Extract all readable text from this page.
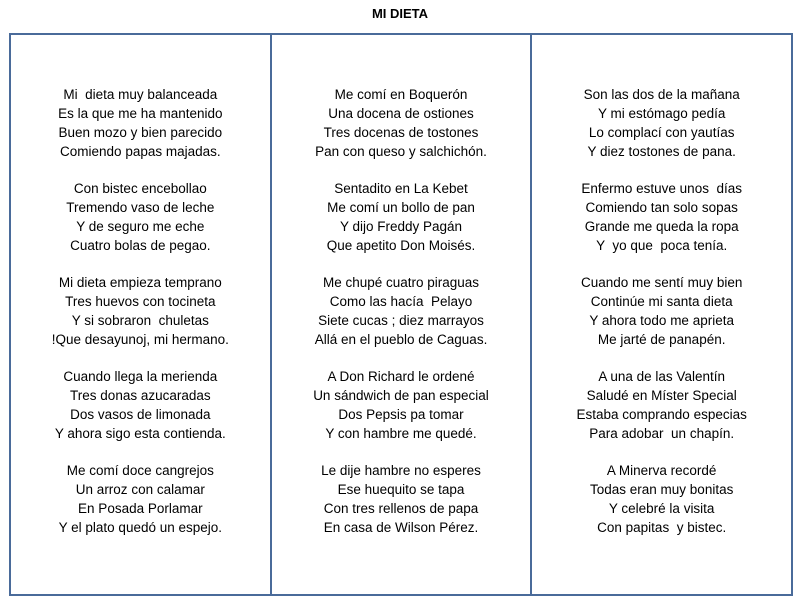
MI DIETA
Mi  dieta muy balanceada
Es la que me ha mantenido
Buen mozo y bien parecido
Comiendo papas majadas.
Con bistec encebollao
Tremendo vaso de leche
Y de seguro me eche
Cuatro bolas de pegao.
Mi dieta empieza temprano
Tres huevos con tocineta
Y si sobraron  chuletas
!Que desayunoj, mi hermano.
Cuando llega la merienda
Tres donas azucaradas
Dos vasos de limonada
Y ahora sigo esta contienda.
Me comí doce cangrejos
Un arroz con calamar
En Posada Porlamar
Y el plato quedó un espejo.
Me comí en Boquerón
Una docena de ostiones
Tres docenas de tostones
Pan con queso y salchichón.
Sentadito en La Kebet
Me comí un bollo de pan
Y dijo Freddy Pagán
Que apetito Don Moisés.
Me chupé cuatro piraguas
Como las hacía  Pelayo
Siete cucas ; diez marrayos
Allá en el pueblo de Caguas.
A Don Richard le ordené
Un sándwich de pan especial
Dos Pepsis pa tomar
Y con hambre me quedé.
Le dije hambre no esperes
Ese huequito se tapa
Con tres rellenos de papa
En casa de Wilson Pérez.
Son las dos de la mañana
Y mi estómago pedía
Lo complací con yautías
Y diez tostones de pana.
Enfermo estuve unos  días
Comiendo tan solo sopas
Grande me queda la ropa
Y  yo que  poca tenía.
Cuando me sentí muy bien
Continúe mi santa dieta
Y ahora todo me aprieta
Me jarté de panapén.
A una de las Valentín
Saludé en Míster Special
Estaba comprando especias
Para adobar  un chapín.
A Minerva recordé
Todas eran muy bonitas
Y celebré la visita
Con papitas  y bistec.
